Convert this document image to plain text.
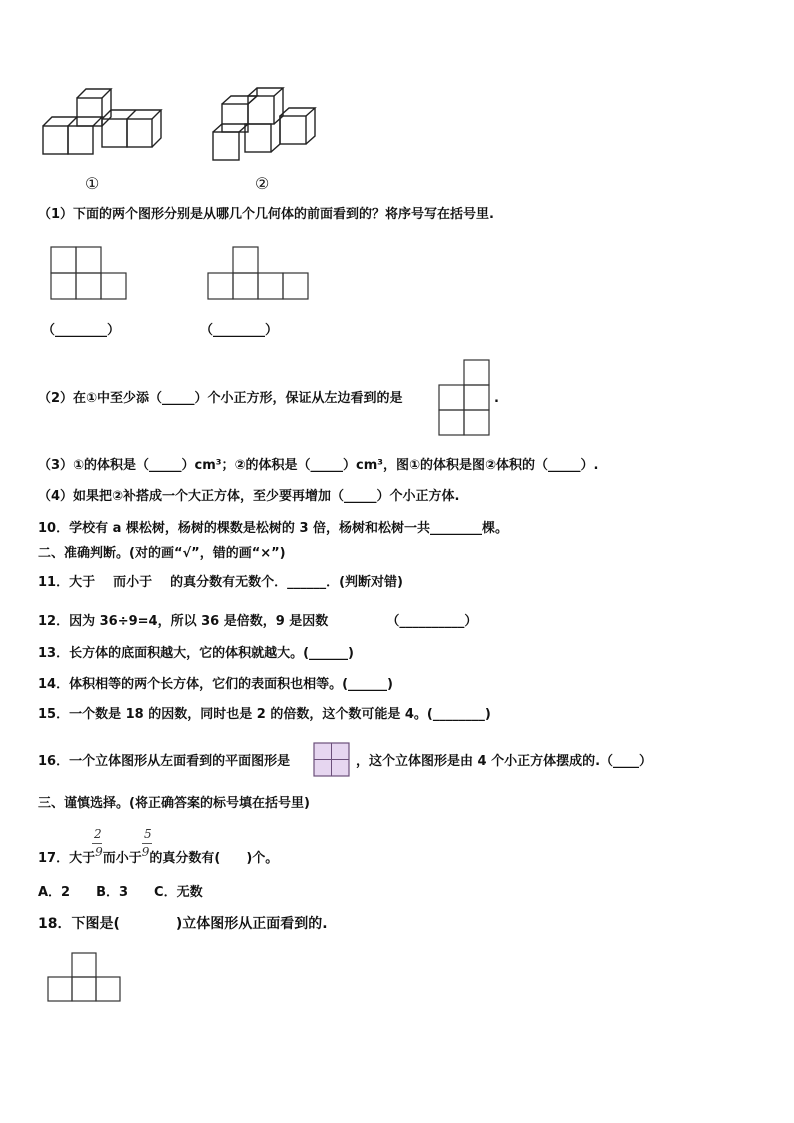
①	②
（1）下面的两个图形分别是从哪几个几何体的前面看到的？将序号写在括号里.
（________）	（________）
（2）在①中至少添（_____）个小正方形，保证从左边看到的是	.
（3）①的体积是（_____）cm³；②的体积是（_____）cm³，图①的体积是图②体积的（_____）.
（4）如果把②补搭成一个大正方体，至少要再增加（_____）个小正方体.
10．学校有 a 棵松树，杨树的棵数是松树的 3 倍，杨树和松树一共________棵。
二、准确判断。(对的画“√”，错的画“×”)
11．大于 而小于 的真分数有无数个．______．(判断对错)
12．因为 36÷9=4，所以 36 是倍数，9 是因数	（__________）
13．长方体的底面积越大，它的体积就越大。(______)
14．体积相等的两个长方体，它们的表面积也相等。(______)
15．一个数是 18 的因数，同时也是 2 的倍数，这个数可能是 4。(________)
16．一个立体图形从左面看到的平面图形是	，这个立体图形是由 4 个小正方体摆成的.（____）
三、谨慎选择。(将正确答案的标号填在括号里)
2	5
17．大于9而小于9的真分数有(　　)个。
A．2　　B．3　　C．无数
18．下图是(　　　　)立体图形从正面看到的.
